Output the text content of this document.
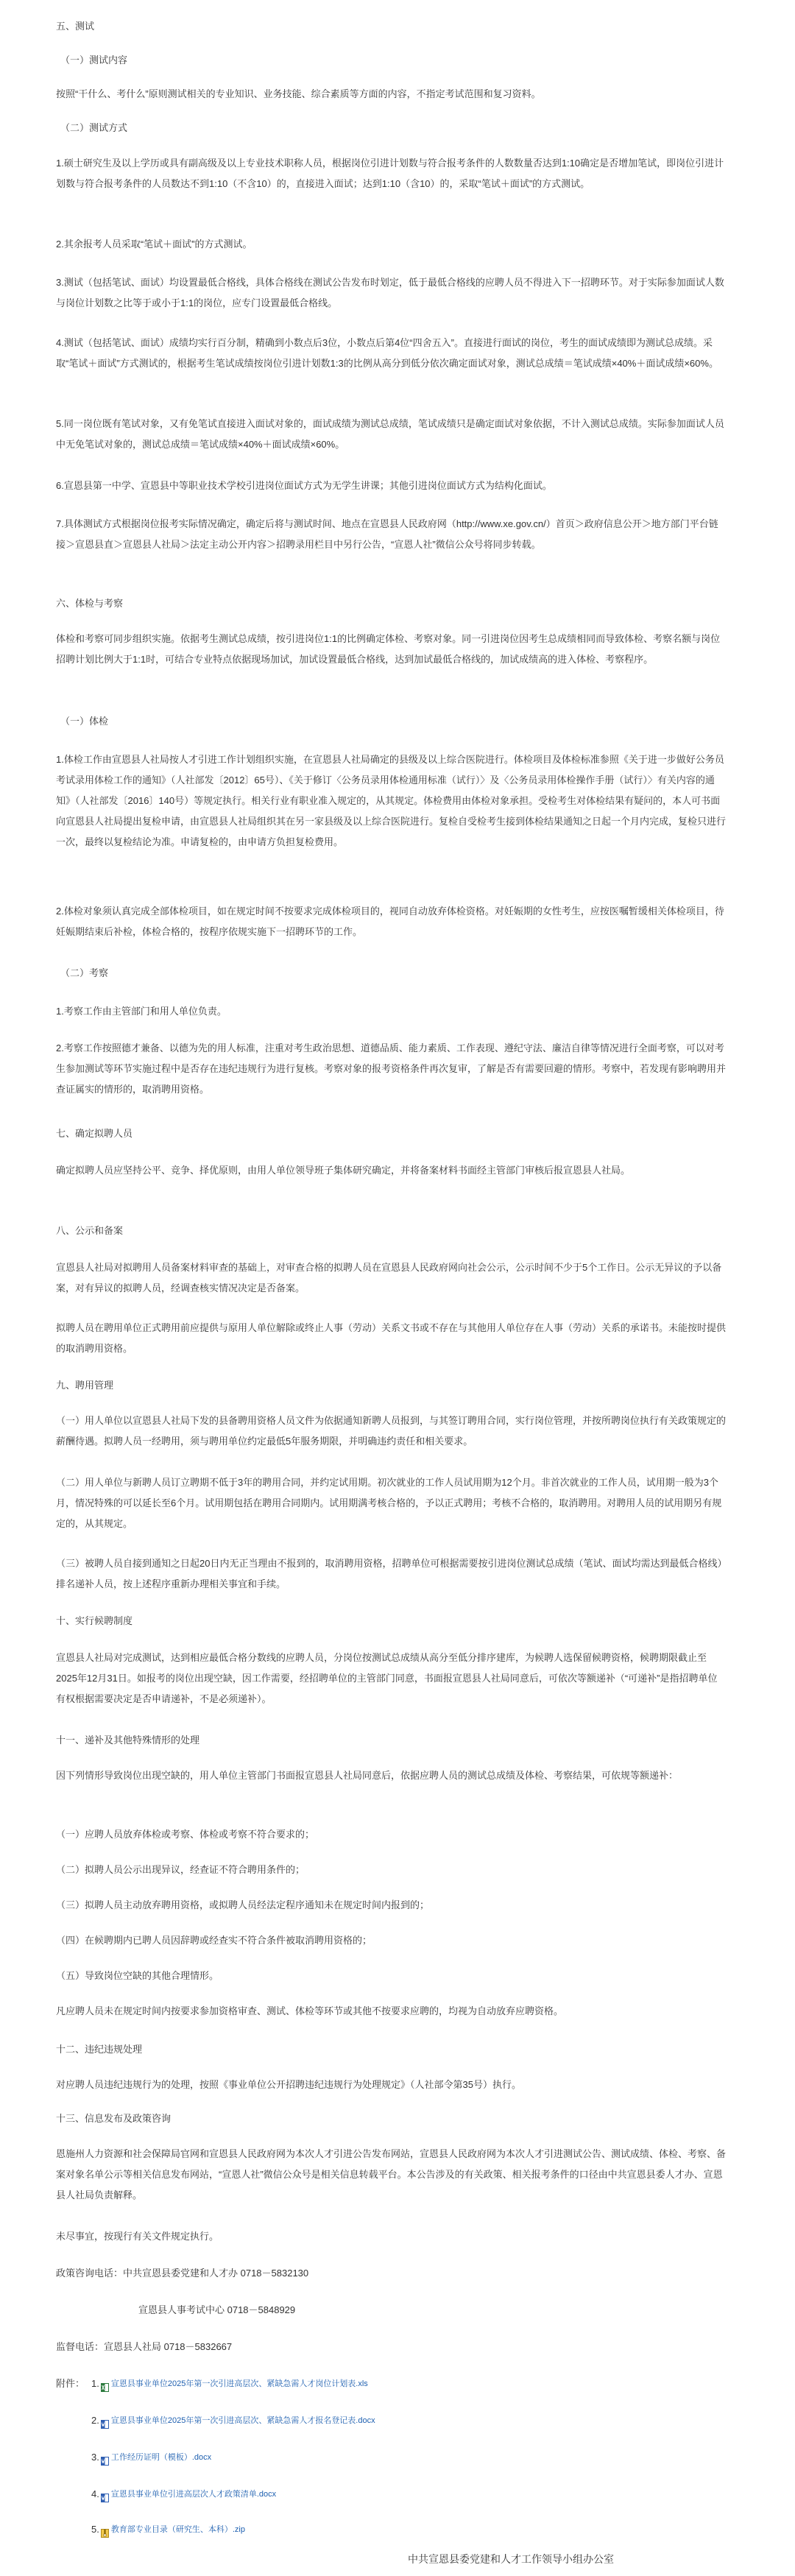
五、测试

（一）测试内容

按照“干什么、考什么”原则测试相关的专业知识、业务技能、综合素质等方面的内容，不指定考试范围和复习资料。

（二）测试方式

1.硕士研究生及以上学历或具有副高级及以上专业技术职称人员，根据岗位引进计划数与符合报考条件的人数数量否达到1:10确定是否增加笔试，即岗位引进计划数与符合报考条件的人员数达不到1:10（不含10）的，直接进入面试；达到1:10（含10）的，采取“笔试＋面试”的方式测试。

2.其余报考人员采取“笔试＋面试”的方式测试。

3.测试（包括笔试、面试）均设置最低合格线，具体合格线在测试公告发布时划定，低于最低合格线的应聘人员不得进入下一招聘环节。对于实际参加面试人数与岗位计划数之比等于或小于1:1的岗位，应专门设置最低合格线。

4.测试（包括笔试、面试）成绩均实行百分制，精确到小数点后3位，小数点后第4位“四舍五入”。直接进行面试的岗位，考生的面试成绩即为测试总成绩。采取“笔试＋面试”方式测试的，根据考生笔试成绩按岗位引进计划数1:3的比例从高分到低分依次确定面试对象，测试总成绩＝笔试成绩×40%＋面试成绩×60%。

5.同一岗位既有笔试对象，又有免笔试直接进入面试对象的，面试成绩为测试总成绩，笔试成绩只是确定面试对象依据，不计入测试总成绩。实际参加面试人员中无免笔试对象的，测试总成绩＝笔试成绩×40%＋面试成绩×60%。

6.宣恩县第一中学、宣恩县中等职业技术学校引进岗位面试方式为无学生讲课；其他引进岗位面试方式为结构化面试。

7.具体测试方式根据岗位报考实际情况确定，确定后将与测试时间、地点在宣恩县人民政府网（http://www.xe.gov.cn/）首页＞政府信息公开＞地方部门平台链接＞宣恩县直＞宣恩县人社局＞法定主动公开内容＞招聘录用栏目中另行公告，“宣恩人社”微信公众号将同步转载。

六、体检与考察

体检和考察可同步组织实施。依据考生测试总成绩，按引进岗位1:1的比例确定体检、考察对象。同一引进岗位因考生总成绩相同而导致体检、考察名额与岗位招聘计划比例大于1:1时，可结合专业特点依据现场加试，加试设置最低合格线，达到加试最低合格线的，加试成绩高的进入体检、考察程序。

（一）体检

1.体检工作由宣恩县人社局按人才引进工作计划组织实施，在宣恩县人社局确定的县级及以上综合医院进行。体检项目及体检标准参照《关于进一步做好公务员考试录用体检工作的通知》（人社部发〔2012〕65号）、《关于修订〈公务员录用体检通用标准（试行）〉及〈公务员录用体检操作手册（试行）〉有关内容的通知》（人社部发〔2016〕140号）等规定执行。相关行业有职业准入规定的，从其规定。体检费用由体检对象承担。受检考生对体检结果有疑问的，本人可书面向宣恩县人社局提出复检申请，由宣恩县人社局组织其在另一家县级及以上综合医院进行。复检自受检考生接到体检结果通知之日起一个月内完成，复检只进行一次，最终以复检结论为准。申请复检的，由申请方负担复检费用。

2.体检对象须认真完成全部体检项目，如在规定时间不按要求完成体检项目的，视同自动放弃体检资格。对妊娠期的女性考生，应按医嘱暂缓相关体检项目，待妊娠期结束后补检，体检合格的，按程序依规实施下一招聘环节的工作。

（二）考察

1.考察工作由主管部门和用人单位负责。

2.考察工作按照德才兼备、以德为先的用人标准，注重对考生政治思想、道德品质、能力素质、工作表现、遵纪守法、廉洁自律等情况进行全面考察，可以对考生参加测试等环节实施过程中是否存在违纪违规行为进行复核。考察对象的报考资格条件再次复审，了解是否有需要回避的情形。考察中，若发现有影响聘用并查证属实的情形的，取消聘用资格。

七、确定拟聘人员

确定拟聘人员应坚持公平、竞争、择优原则，由用人单位领导班子集体研究确定，并将备案材料书面经主管部门审核后报宣恩县人社局。

八、公示和备案

宣恩县人社局对拟聘用人员备案材料审查的基础上，对审查合格的拟聘人员在宣恩县人民政府网向社会公示，公示时间不少于5个工作日。公示无异议的予以备案，对有异议的拟聘人员，经调查核实情况决定是否备案。

拟聘人员在聘用单位正式聘用前应提供与原用人单位解除或终止人事（劳动）关系文书或不存在与其他用人单位存在人事（劳动）关系的承诺书。未能按时提供的取消聘用资格。

九、聘用管理

（一）用人单位以宣恩县人社局下发的县备聘用资格人员文件为依据通知新聘人员报到，与其签订聘用合同，实行岗位管理，并按所聘岗位执行有关政策规定的薪酬待遇。拟聘人员一经聘用，须与聘用单位约定最低5年服务期限，并明确违约责任和相关要求。

（二）用人单位与新聘人员订立聘期不低于3年的聘用合同，并约定试用期。初次就业的工作人员试用期为12个月。非首次就业的工作人员，试用期一般为3个月，情况特殊的可以延长至6个月。试用期包括在聘用合同期内。试用期满考核合格的，予以正式聘用；考核不合格的，取消聘用。对聘用人员的试用期另有规定的，从其规定。

（三）被聘人员自接到通知之日起20日内无正当理由不报到的，取消聘用资格，招聘单位可根据需要按引进岗位测试总成绩（笔试、面试均需达到最低合格线）排名递补人员，按上述程序重新办理相关事宜和手续。

十、实行候聘制度

宣恩县人社局对完成测试，达到相应最低合格分数线的应聘人员，分岗位按测试总成绩从高分至低分排序建库，为候聘人选保留候聘资格，候聘期限截止至2025年12月31日。如报考的岗位出现空缺，因工作需要，经招聘单位的主管部门同意，书面报宣恩县人社局同意后，可依次等额递补（“可递补”是指招聘单位有权根据需要决定是否申请递补，不是必须递补）。

十一、递补及其他特殊情形的处理

因下列情形导致岗位出现空缺的，用人单位主管部门书面报宣恩县人社局同意后，依据应聘人员的测试总成绩及体检、考察结果，可依规等额递补：

（一）应聘人员放弃体检或考察、体检或考察不符合要求的；

（二）拟聘人员公示出现异议，经查证不符合聘用条件的；

（三）拟聘人员主动放弃聘用资格，或拟聘人员经法定程序通知未在规定时间内报到的；

（四）在候聘期内已聘人员因辞聘或经查实不符合条件被取消聘用资格的；

（五）导致岗位空缺的其他合理情形。

凡应聘人员未在规定时间内按要求参加资格审查、测试、体检等环节或其他不按要求应聘的，均视为自动放弃应聘资格。

十二、违纪违规处理

对应聘人员违纪违规行为的处理，按照《事业单位公开招聘违纪违规行为处理规定》（人社部令第35号）执行。

十三、信息发布及政策咨询

恩施州人力资源和社会保障局官网和宣恩县人民政府网为本次人才引进公告发布网站，宣恩县人民政府网为本次人才引进测试公告、测试成绩、体检、考察、备案对象名单公示等相关信息发布网站，“宣恩人社”微信公众号是相关信息转载平台。本公告涉及的有关政策、相关报考条件的口径由中共宣恩县委人才办、宣恩县人社局负责解释。

未尽事宜，按现行有关文件规定执行。

政策咨询电话：中共宣恩县委党建和人才办 0718－5832130

宣恩县人事考试中心 0718－5848929

监督电话：宣恩县人社局 0718－5832667

附件： 1. 宣恩县事业单位2025年第一次引进高层次、紧缺急需人才岗位计划表.xls
2. 宣恩县事业单位2025年第一次引进高层次、紧缺急需人才报名登记表.docx
3. 工作经历证明（模板）.docx
4. 宣恩县事业单位引进高层次人才政策清单.docx
5. 教育部专业目录（研究生、本科）.zip
中共宣恩县委党建和人才工作领导小组办公室
